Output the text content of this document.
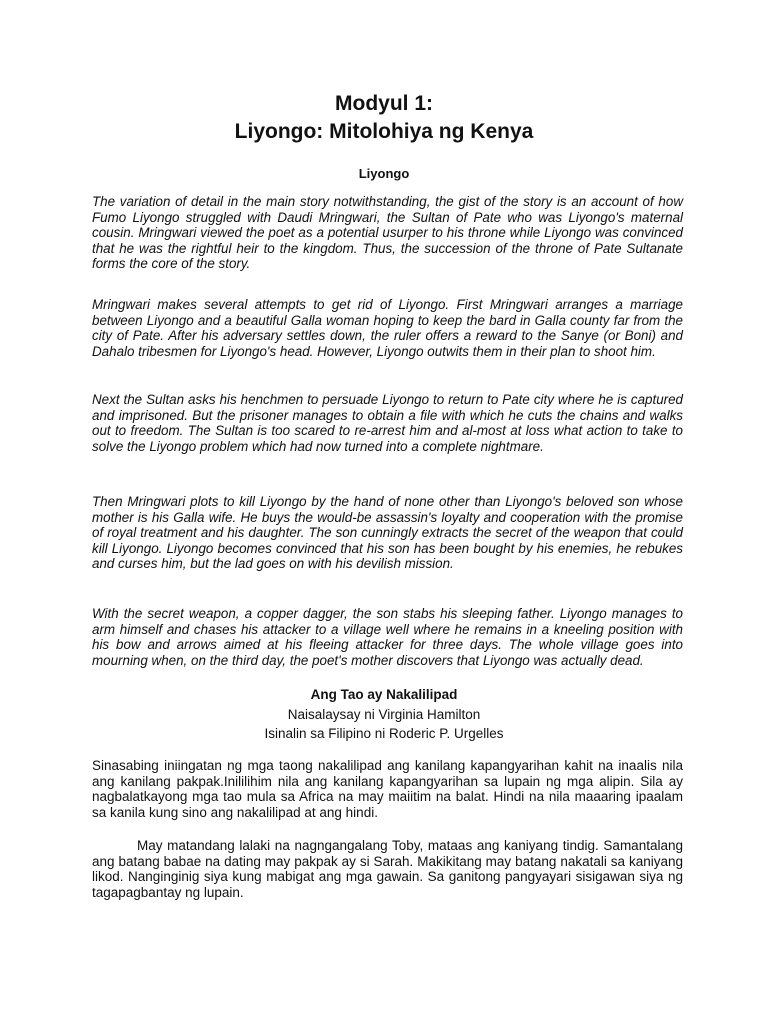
Modyul 1:
Liyongo: Mitolohiya ng Kenya
Liyongo

The variation of detail in the main story notwithstanding, the gist of the story is an account of how Fumo Liyongo struggled with Daudi Mringwari, the Sultan of Pate who was Liyongo's maternal cousin. Mringwari viewed the poet as a potential usurper to his throne while Liyongo was convinced that he was the rightful heir to the kingdom. Thus, the succession of the throne of Pate Sultanate forms the core of the story.

Mringwari makes several attempts to get rid of Liyongo. First Mringwari arranges a marriage between Liyongo and a beautiful Galla woman hoping to keep the bard in Galla county far from the city of Pate. After his adversary settles down, the ruler offers a reward to the Sanye (or Boni) and Dahalo tribesmen for Liyongo's head. However, Liyongo outwits them in their plan to shoot him.

Next the Sultan asks his henchmen to persuade Liyongo to return to Pate city where he is captured and imprisoned. But the prisoner manages to obtain a file with which he cuts the chains and walks out to freedom. The Sultan is too scared to re-arrest him and al-most at loss what action to take to solve the Liyongo problem which had now turned into a complete nightmare.

Then Mringwari plots to kill Liyongo by the hand of none other than Liyongo's beloved son whose mother is his Galla wife. He buys the would-be assassin's loyalty and cooperation with the promise of royal treatment and his daughter. The son cunningly extracts the secret of the weapon that could kill Liyongo. Liyongo becomes convinced that his son has been bought by his enemies, he rebukes and curses him, but the lad goes on with his devilish mission.

With the secret weapon, a copper dagger, the son stabs his sleeping father. Liyongo manages to arm himself and chases his attacker to a village well where he remains in a kneeling position with his bow and arrows aimed at his fleeing attacker for three days. The whole village goes into mourning when, on the third day, the poet's mother discovers that Liyongo was actually dead.

Ang Tao ay Nakalilipad

Naisalaysay ni Virginia Hamilton

Isinalin sa Filipino ni Roderic P. Urgelles

Sinasabing iniingatan ng mga taong nakalilipad ang kanilang kapangyarihan kahit na inaalis nila ang kanilang pakpak.Inililihim nila ang kanilang kapangyarihan sa lupain ng mga alipin. Sila ay nagbalatkayong mga tao mula sa Africa na may maiitim na balat. Hindi na nila maaaring ipaalam sa kanila kung sino ang nakalilipad at ang hindi.

May matandang lalaki na nagngangalang Toby, mataas ang kaniyang tindig. Samantalang ang batang babae na dating may pakpak ay si Sarah. Makikitang may batang nakatali sa kaniyang likod. Nanginginig siya kung mabigat ang mga gawain. Sa ganitong pangyayari sisigawan siya ng tagapagbantay ng lupain.
